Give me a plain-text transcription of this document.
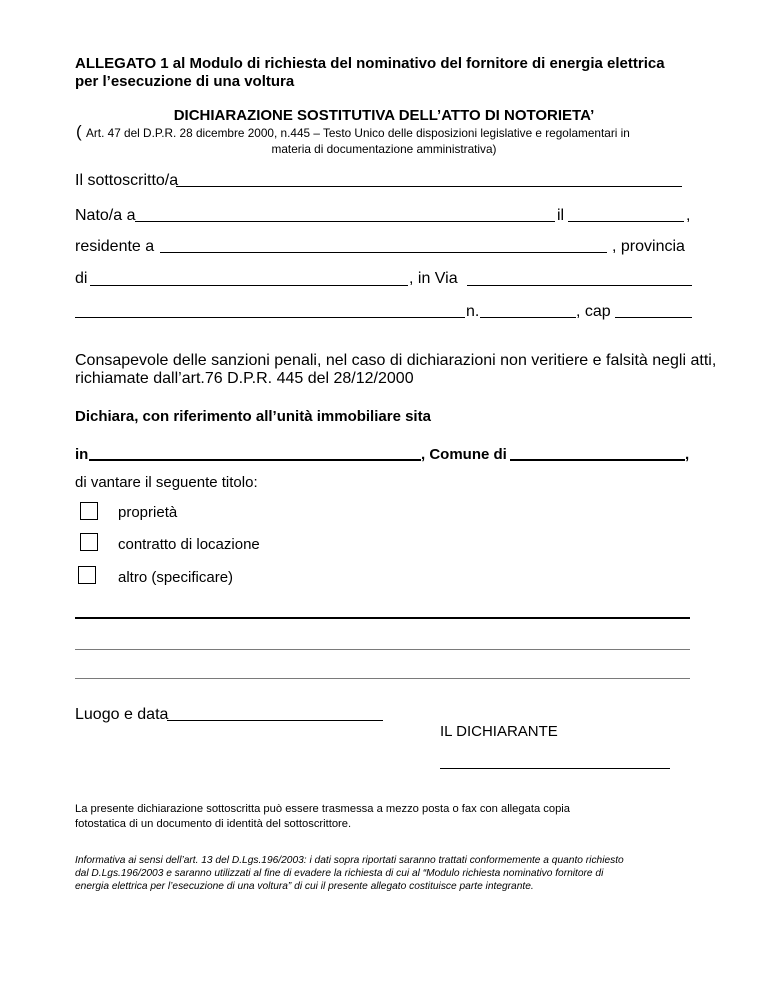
ALLEGATO 1 al Modulo di richiesta del nominativo del fornitore di energia elettrica
per l’esecuzione di una voltura
DICHIARAZIONE SOSTITUTIVA DELL’ATTO DI NOTORIETA’
( Art. 47 del D.P.R. 28 dicembre 2000, n.445 – Testo Unico delle disposizioni legislative e regolamentari in
materia di documentazione amministrativa)
Il sottoscritto/a
Nato/a a	il	,
residente a	, provincia
di	, in Via
n.	, cap
Consapevole delle sanzioni penali, nel caso di dichiarazioni non veritiere e falsità negli atti,
richiamate dall’art.76 D.P.R. 445 del 28/12/2000
Dichiara, con riferimento all’unità immobiliare sita
in	, Comune di	,
di vantare il seguente titolo:
proprietà
contratto di locazione
altro (specificare)
Luogo e data
IL DICHIARANTE
La presente dichiarazione sottoscritta può essere trasmessa a mezzo posta o fax con allegata copia
fotostatica di un documento di identità del sottoscrittore.
Informativa ai sensi dell’art. 13 del D.Lgs.196/2003: i dati sopra riportati saranno trattati conformemente a quanto richiesto
dal D.Lgs.196/2003 e saranno utilizzati al fine di evadere la richiesta di cui al “Modulo richiesta nominativo fornitore di
energia elettrica per l’esecuzione di una voltura” di cui il presente allegato costituisce parte integrante.
